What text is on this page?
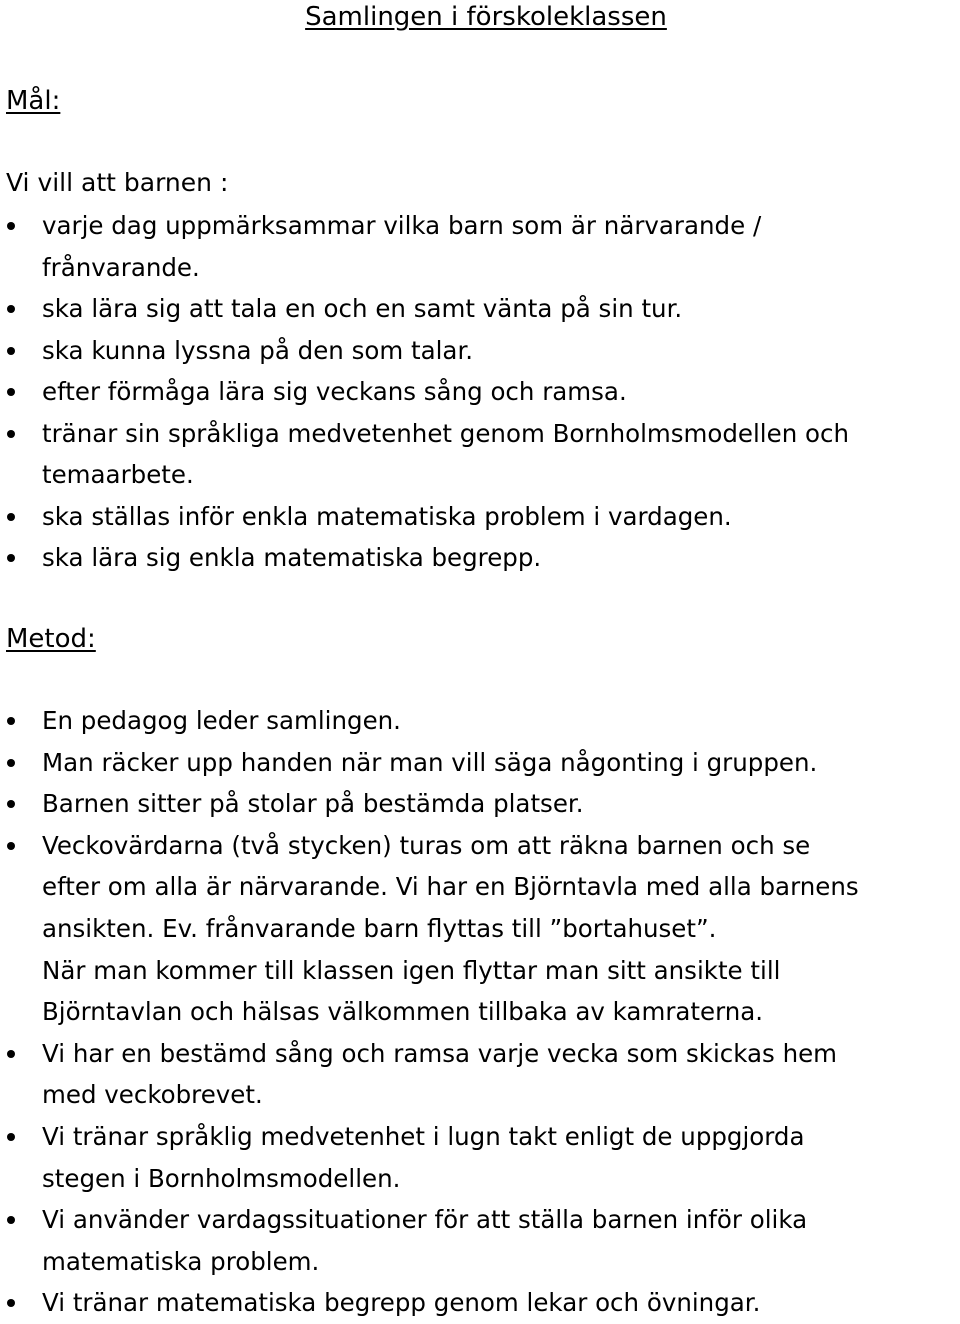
Samlingen i förskoleklassen
Mål:
Vi vill att barnen :
varje dag uppmärksammar vilka barn som är närvarande /
frånvarande.
ska lära sig att tala en och en samt vänta på sin tur.
ska kunna lyssna på den som talar.
efter förmåga lära sig veckans sång och ramsa.
tränar sin språkliga medvetenhet genom Bornholmsmodellen och
temaarbete.
ska ställas inför enkla matematiska problem i vardagen.
ska lära sig enkla matematiska begrepp.
Metod:
En pedagog leder samlingen.
Man räcker upp handen när man vill säga någonting i gruppen.
Barnen sitter på stolar på bestämda platser.
Veckovärdarna (två stycken) turas om att räkna barnen och se
efter om alla är närvarande. Vi har en Björntavla med alla barnens
ansikten. Ev. frånvarande barn flyttas till ”bortahuset”.
När man kommer till klassen igen flyttar man sitt ansikte till
Björntavlan och hälsas välkommen tillbaka av kamraterna.
Vi har en bestämd sång och ramsa varje vecka som skickas hem
med veckobrevet.
Vi tränar språklig medvetenhet i lugn takt enligt de uppgjorda
stegen i Bornholmsmodellen.
Vi använder vardagssituationer för att ställa barnen inför olika
matematiska problem.
Vi tränar matematiska begrepp genom lekar och övningar.
